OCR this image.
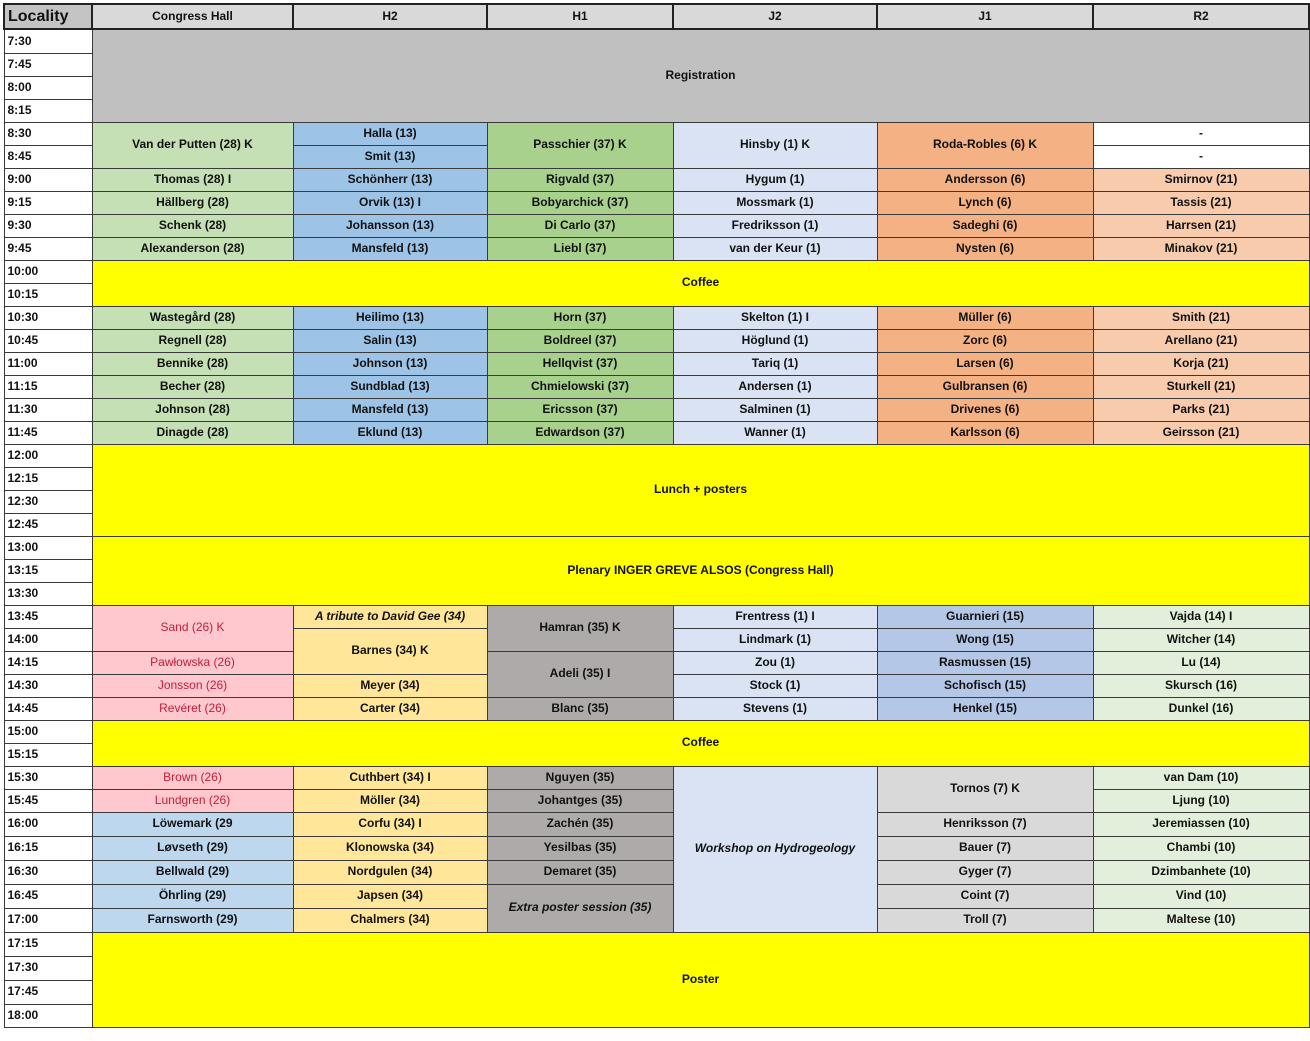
Locality	Congress Hall	H2	H1	J2	J1	R2
7:30	Registration					
7:45						
8:00						
8:15						
8:30	Van der Putten (28) K	Halla (13)	Passchier (37) K	Hinsby (1) K	Roda-Robles (6) K	-
8:45		Smit (13)				-
9:00	Thomas (28) I	Schönherr (13)	Rigvald (37)	Hygum (1)	Andersson (6)	Smirnov (21)
9:15	Hällberg (28)	Orvik (13) I	Bobyarchick (37)	Mossmark (1)	Lynch (6)	Tassis (21)
9:30	Schenk (28)	Johansson (13)	Di Carlo (37)	Fredriksson (1)	Sadeghi (6)	Harrsen (21)
9:45	Alexanderson (28)	Mansfeld (13)	Liebl (37)	van der Keur (1)	Nysten (6)	Minakov (21)
10:00	Coffee					
10:15						
10:30	Wastegård (28)	Heilimo (13)	Horn (37)	Skelton (1) I	Müller (6)	Smith (21)
10:45	Regnell (28)	Salin (13)	Boldreel (37)	Höglund (1)	Zorc (6)	Arellano (21)
11:00	Bennike (28)	Johnson (13)	Hellqvist (37)	Tariq (1)	Larsen (6)	Korja (21)
11:15	Becher (28)	Sundblad (13)	Chmielowski (37)	Andersen (1)	Gulbransen (6)	Sturkell (21)
11:30	Johnson (28)	Mansfeld (13)	Ericsson (37)	Salminen (1)	Drivenes (6)	Parks (21)
11:45	Dinagde (28)	Eklund (13)	Edwardson (37)	Wanner (1)	Karlsson (6)	Geirsson (21)
12:00	Lunch + posters					
12:15						
12:30						
12:45						
13:00	Plenary INGER GREVE ALSOS (Congress Hall)					
13:15						
13:30						
13:45	Sand (26) K	A tribute to David Gee (34)	Hamran (35) K	Frentress (1) I	Guarnieri (15)	Vajda (14) I
14:00		Barnes (34) K		Lindmark (1)	Wong (15)	Witcher (14)
14:15	Pawłowska (26)		Adeli (35) I	Zou (1)	Rasmussen (15)	Lu (14)
14:30	Jonsson (26)	Meyer (34)		Stock (1)	Schofisch (15)	Skursch (16)
14:45	Revéret (26)	Carter (34)	Blanc (35)	Stevens (1)	Henkel (15)	Dunkel (16)
15:00	Coffee					
15:15						
15:30	Brown (26)	Cuthbert (34) I	Nguyen (35)	Workshop on Hydrogeology	Tornos (7) K	van Dam (10)
15:45	Lundgren (26)	Möller (34)	Johantges (35)			Ljung (10)
16:00	Löwemark (29	Corfu (34) I	Zachén (35)		Henriksson (7)	Jeremiassen (10)
16:15	Løvseth (29)	Klonowska (34)	Yesilbas (35)		Bauer (7)	Chambi (10)
16:30	Bellwald (29)	Nordgulen (34)	Demaret (35)		Gyger (7)	Dzimbanhete (10)
16:45	Öhrling (29)	Japsen (34)	Extra poster session (35)		Coint (7)	Vind (10)
17:00	Farnsworth (29)	Chalmers (34)			Troll (7)	Maltese (10)
17:15	Poster					
17:30						
17:45						
18:00						
